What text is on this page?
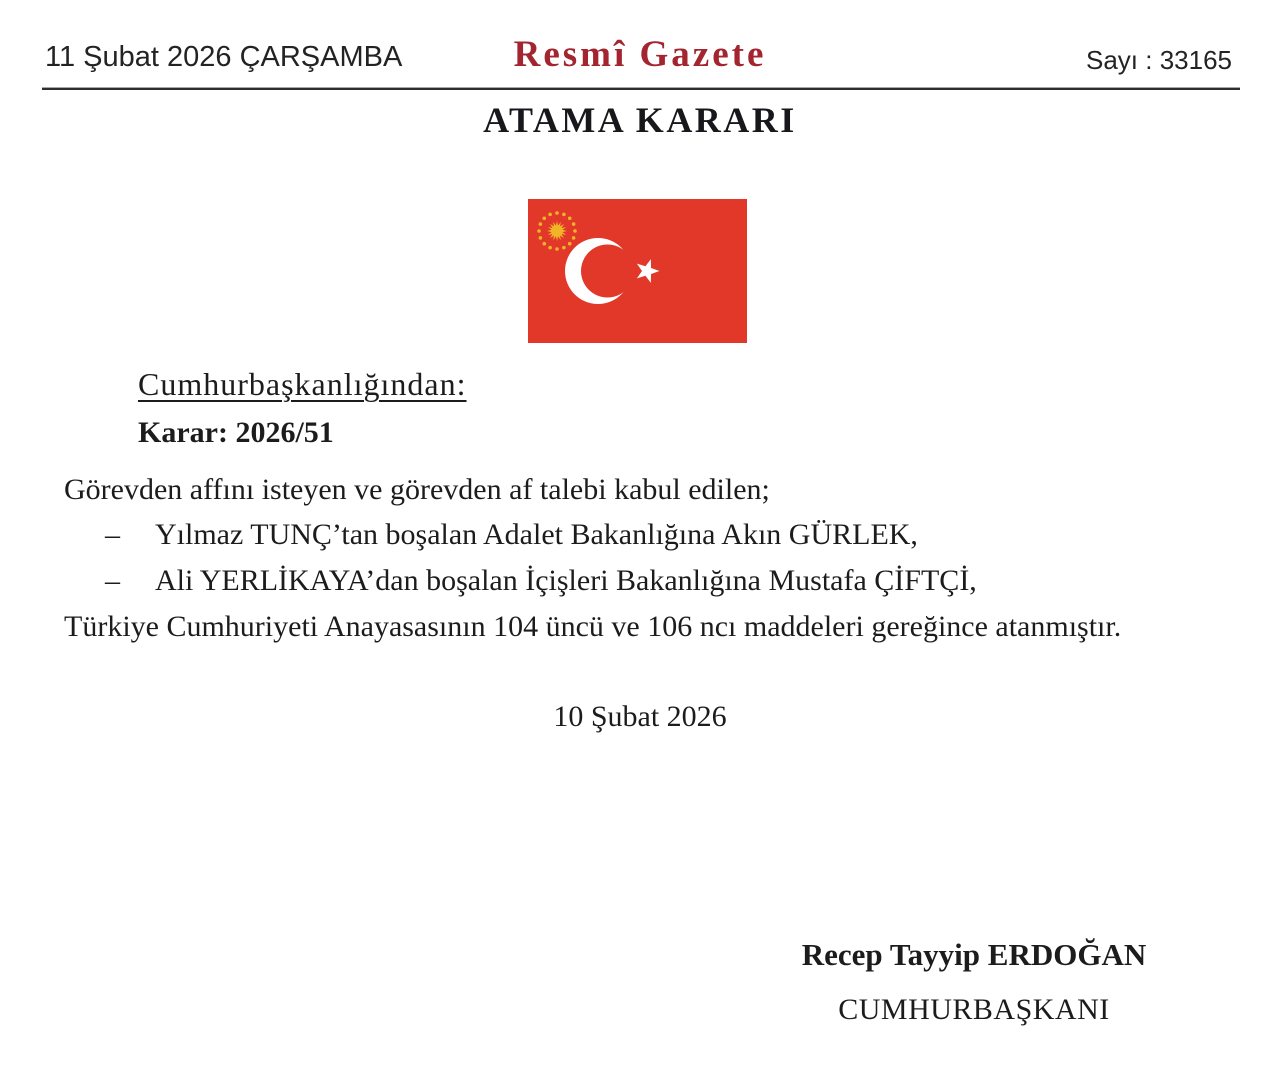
11 Şubat 2026 ÇARŞAMBA	Resmî Gazete	Sayı : 33165
ATAMA KARARI
Cumhurbaşkanlığından:
Karar: 2026/51
Görevden affını isteyen ve görevden af talebi kabul edilen;
– Yılmaz TUNÇ’tan boşalan Adalet Bakanlığına Akın GÜRLEK,
– Ali YERLİKAYA’dan boşalan İçişleri Bakanlığına Mustafa ÇİFTÇİ,
Türkiye Cumhuriyeti Anayasasının 104 üncü ve 106 ncı maddeleri gereğince atanmıştır.
10 Şubat 2026
Recep Tayyip ERDOĞAN
CUMHURBAŞKANI
